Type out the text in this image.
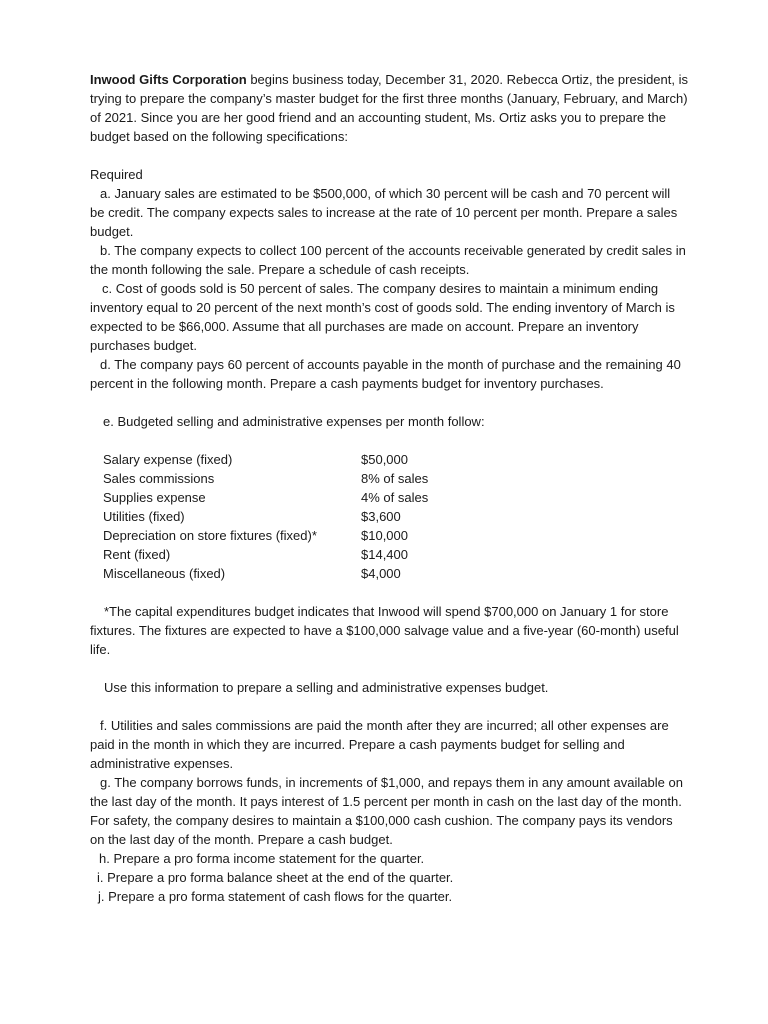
Inwood Gifts Corporation begins business today, December 31, 2020. Rebecca Ortiz, the president, is trying to prepare the company’s master budget for the first three months (January, February, and March) of 2021. Since you are her good friend and an accounting student, Ms. Ortiz asks you to prepare the budget based on the following specifications:

Required

a. January sales are estimated to be $500,000, of which 30 percent will be cash and 70 percent will be credit. The company expects sales to increase at the rate of 10 percent per month. Prepare a sales budget.

b. The company expects to collect 100 percent of the accounts receivable generated by credit sales in the month following the sale. Prepare a schedule of cash receipts.

c. Cost of goods sold is 50 percent of sales. The company desires to maintain a minimum ending inventory equal to 20 percent of the next month’s cost of goods sold. The ending inventory of March is expected to be $66,000. Assume that all purchases are made on account. Prepare an inventory purchases budget.

d. The company pays 60 percent of accounts payable in the month of purchase and the remaining 40 percent in the following month. Prepare a cash payments budget for inventory purchases.

e. Budgeted selling and administrative expenses per month follow:

Salary expense (fixed)	$50,000
Sales commissions	8% of sales
Supplies expense	4% of sales
Utilities (fixed)	$3,600
Depreciation on store fixtures (fixed)*	$10,000
Rent (fixed)	$14,400
Miscellaneous (fixed)	$4,000

*The capital expenditures budget indicates that Inwood will spend $700,000 on January 1 for store fixtures. The fixtures are expected to have a $100,000 salvage value and a five-year (60-month) useful life.

Use this information to prepare a selling and administrative expenses budget.

f. Utilities and sales commissions are paid the month after they are incurred; all other expenses are paid in the month in which they are incurred. Prepare a cash payments budget for selling and administrative expenses.

g. The company borrows funds, in increments of $1,000, and repays them in any amount available on the last day of the month. It pays interest of 1.5 percent per month in cash on the last day of the month. For safety, the company desires to maintain a $100,000 cash cushion. The company pays its vendors on the last day of the month. Prepare a cash budget.

h. Prepare a pro forma income statement for the quarter.

i. Prepare a pro forma balance sheet at the end of the quarter.

j. Prepare a pro forma statement of cash flows for the quarter.
